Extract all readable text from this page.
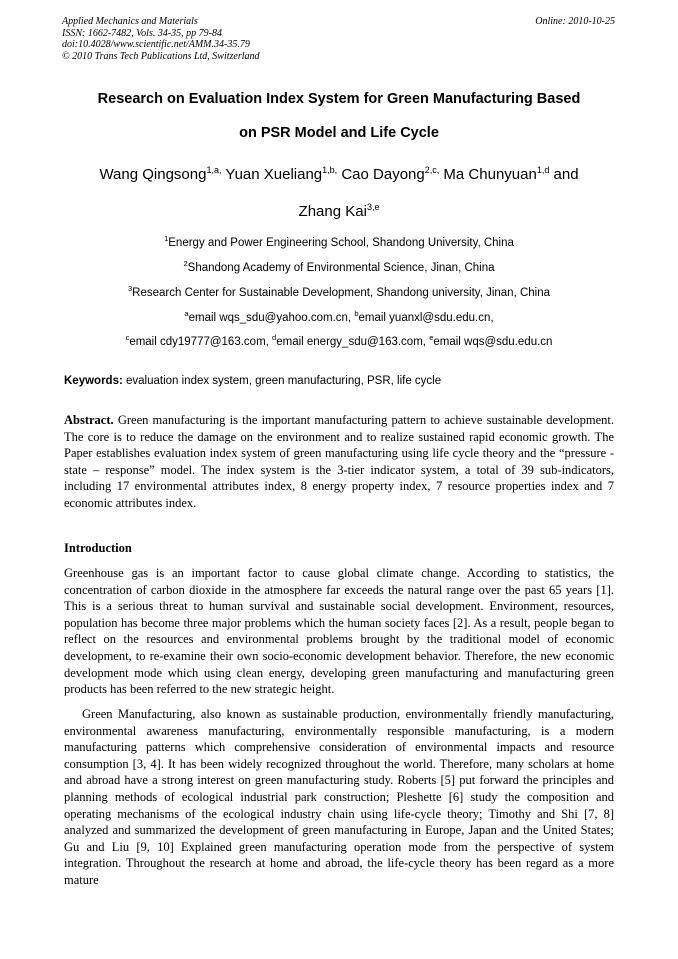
Applied Mechanics and Materials
ISSN: 1662-7482, Vols. 34-35, pp 79-84
doi:10.4028/www.scientific.net/AMM.34-35.79
© 2010 Trans Tech Publications Ltd, Switzerland
Online: 2010-10-25
Research on Evaluation Index System for Green Manufacturing Based
on PSR Model and Life Cycle
Wang Qingsong$^{1,a,}$ Yuan Xueliang$^{1,b,}$ Cao Dayong$^{2,c,}$ Ma Chunyuan$^{1,d}$ and
Zhang Kai$^{3,e}$
$^1$Energy and Power Engineering School, Shandong University, China
$^2$Shandong Academy of Environmental Science, Jinan, China
$^3$Research Center for Sustainable Development, Shandong university, Jinan, China
$^a$email wqs_sdu@yahoo.com.cn, $^b$email yuanxl@sdu.edu.cn,
$^c$email cdy19777@163.com, $^d$email energy_sdu@163.com, $^e$email wqs@sdu.edu.cn
Keywords: evaluation index system, green manufacturing, PSR, life cycle
Abstract. Green manufacturing is the important manufacturing pattern to achieve sustainable development. The core is to reduce the damage on the environment and to realize sustained rapid economic growth. The Paper establishes evaluation index system of green manufacturing using life cycle theory and the “pressure - state – response” model. The index system is the 3-tier indicator system, a total of 39 sub-indicators, including 17 environmental attributes index, 8 energy property index, 7 resource properties index and 7 economic attributes index.
Introduction
Greenhouse gas is an important factor to cause global climate change. According to statistics, the concentration of carbon dioxide in the atmosphere far exceeds the natural range over the past 65 years [1]. This is a serious threat to human survival and sustainable social development. Environment, resources, population has become three major problems which the human society faces [2]. As a result, people began to reflect on the resources and environmental problems brought by the traditional model of economic development, to re-examine their own socio-economic development behavior. Therefore, the new economic development mode which using clean energy, developing green manufacturing and manufacturing green products has been referred to the new strategic height.
Green Manufacturing, also known as sustainable production, environmentally friendly manufacturing, environmental awareness manufacturing, environmentally responsible manufacturing, is a modern manufacturing patterns which comprehensive consideration of environmental impacts and resource consumption [3, 4]. It has been widely recognized throughout the world. Therefore, many scholars at home and abroad have a strong interest on green manufacturing study. Roberts [5] put forward the principles and planning methods of ecological industrial park construction; Pleshette [6] study the composition and operating mechanisms of the ecological industry chain using life-cycle theory; Timothy and Shi [7, 8] analyzed and summarized the development of green manufacturing in Europe, Japan and the United States; Gu and Liu [9, 10] Explained green manufacturing operation mode from the perspective of system integration. Throughout the research at home and abroad, the life-cycle theory has been regard as a more mature
